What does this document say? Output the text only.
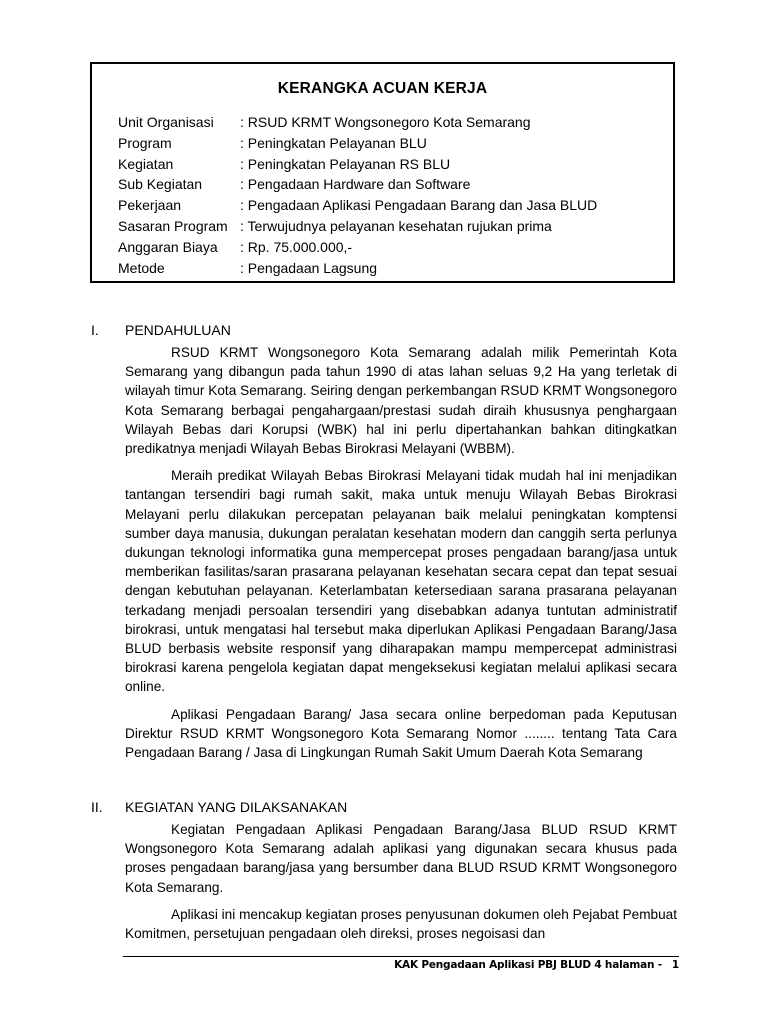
KERANGKA ACUAN KERJA
Unit Organisasi	: RSUD KRMT Wongsonegoro Kota Semarang
Program	: Peningkatan Pelayanan BLU
Kegiatan	: Peningkatan Pelayanan RS BLU
Sub Kegiatan	: Pengadaan Hardware dan Software
Pekerjaan	: Pengadaan Aplikasi Pengadaan Barang dan Jasa BLUD
Sasaran Program : Terwujudnya pelayanan kesehatan rujukan prima
Anggaran Biaya	: Rp. 75.000.000,-
Metode	: Pengadaan Lagsung
I.	PENDAHULUAN

RSUD KRMT Wongsonegoro Kota Semarang adalah milik Pemerintah Kota Semarang yang dibangun pada tahun 1990 di atas lahan seluas 9,2 Ha yang terletak di wilayah timur Kota Semarang. Seiring dengan perkembangan RSUD KRMT Wongsonegoro Kota Semarang berbagai pengahargaan/prestasi sudah diraih khususnya penghargaan Wilayah Bebas dari Korupsi (WBK) hal ini perlu dipertahankan bahkan ditingkatkan predikatnya menjadi Wilayah Bebas Birokrasi Melayani (WBBM).

Meraih predikat Wilayah Bebas Birokrasi Melayani tidak mudah hal ini menjadikan tantangan tersendiri bagi rumah sakit, maka untuk menuju Wilayah Bebas Birokrasi Melayani perlu dilakukan percepatan pelayanan baik melalui peningkatan komptensi sumber daya manusia, dukungan peralatan kesehatan modern dan canggih serta perlunya dukungan teknologi informatika guna mempercepat proses pengadaan barang/jasa untuk memberikan fasilitas/saran prasarana pelayanan kesehatan secara cepat dan tepat sesuai dengan kebutuhan pelayanan. Keterlambatan ketersediaan sarana prasarana pelayanan terkadang menjadi persoalan tersendiri yang disebabkan adanya tuntutan administratif birokrasi, untuk mengatasi hal tersebut maka diperlukan Aplikasi Pengadaan Barang/Jasa BLUD berbasis website responsif yang diharapakan mampu mempercepat administrasi birokrasi karena pengelola kegiatan dapat mengeksekusi kegiatan melalui aplikasi secara online.

Aplikasi Pengadaan Barang/ Jasa secara online berpedoman pada Keputusan Direktur RSUD KRMT Wongsonegoro Kota Semarang Nomor ........ tentang Tata Cara Pengadaan Barang / Jasa di Lingkungan Rumah Sakit Umum Daerah Kota Semarang

II.	KEGIATAN YANG DILAKSANAKAN

Kegiatan Pengadaan Aplikasi Pengadaan Barang/Jasa BLUD RSUD KRMT Wongsonegoro Kota Semarang adalah aplikasi yang digunakan secara khusus pada proses pengadaan barang/jasa yang bersumber dana BLUD RSUD KRMT Wongsonegoro Kota Semarang.

Aplikasi ini mencakup kegiatan proses penyusunan dokumen oleh Pejabat Pembuat Komitmen, persetujuan pengadaan oleh direksi, proses negoisasi dan

KAK Pengadaan Aplikasi PBJ BLUD 4 halaman - 1
